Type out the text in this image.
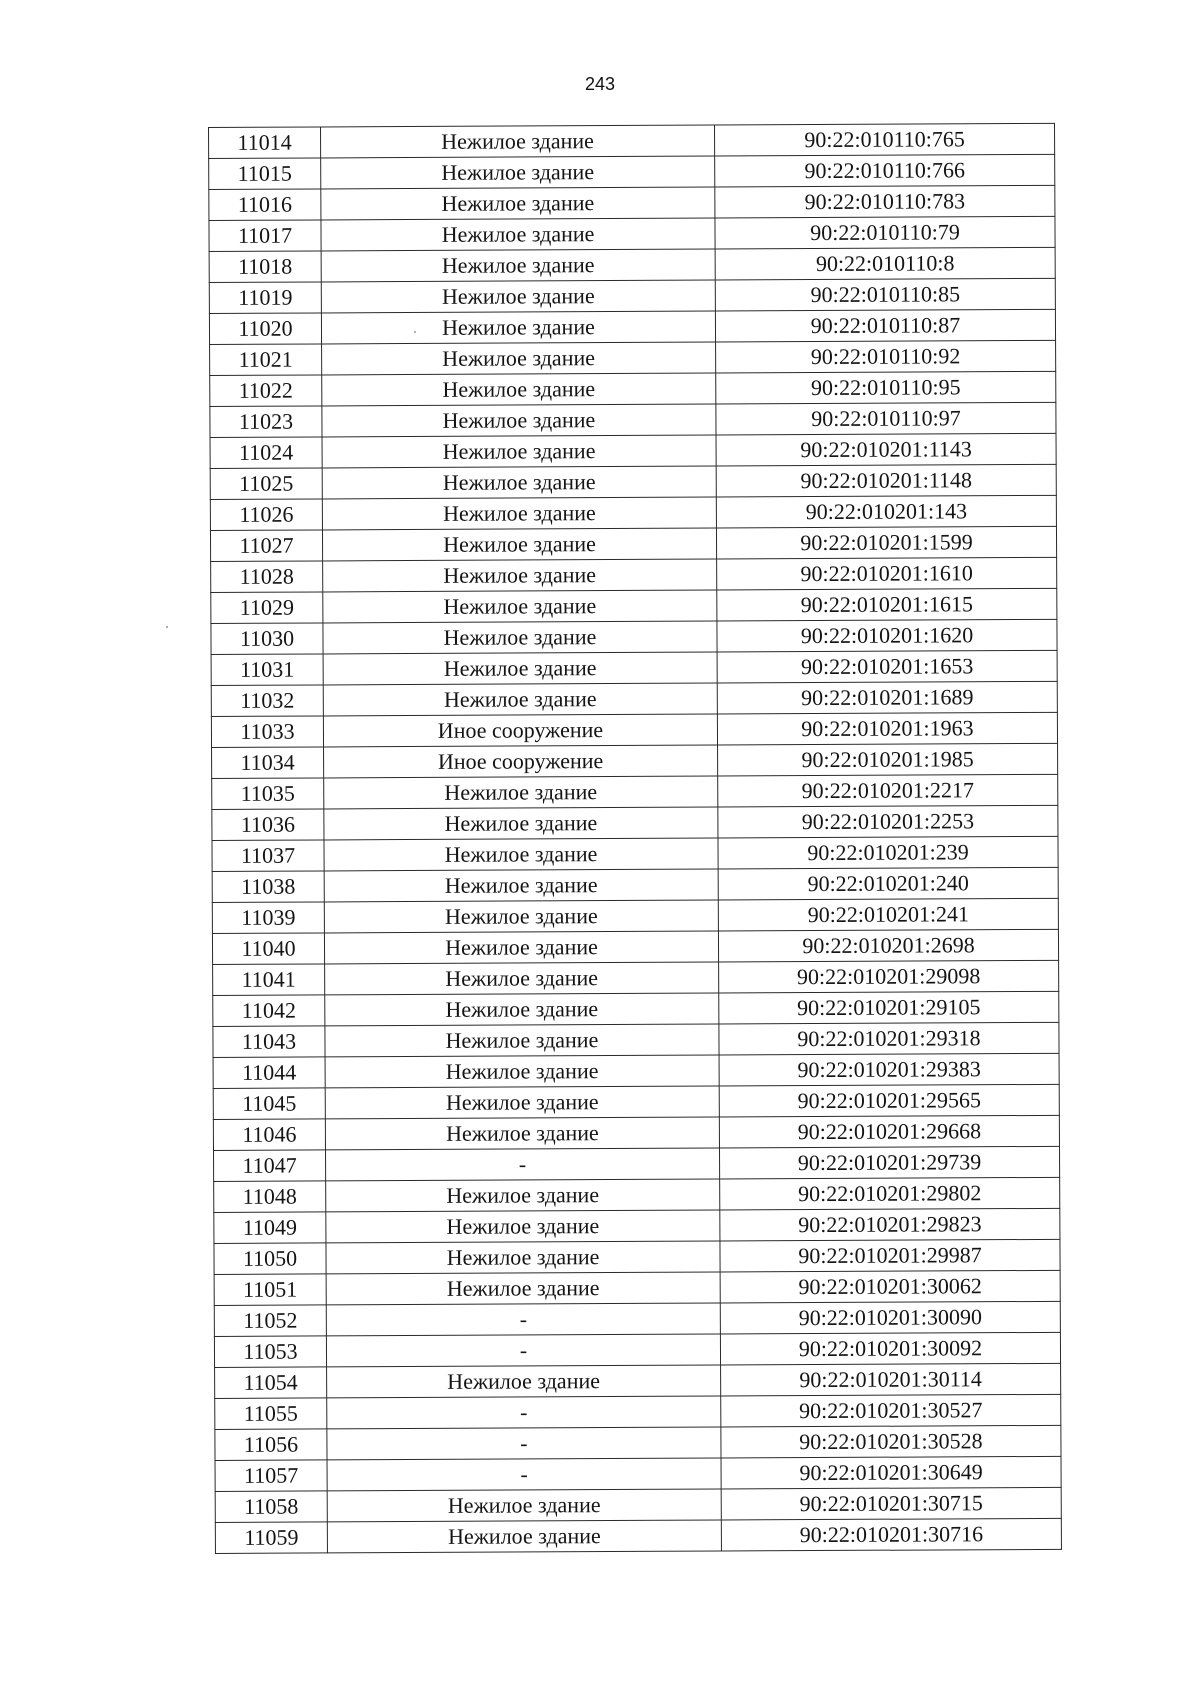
243
11014	Нежилое здание	90:22:010110:765
11015	Нежилое здание	90:22:010110:766
11016	Нежилое здание	90:22:010110:783
11017	Нежилое здание	90:22:010110:79
11018	Нежилое здание	90:22:010110:8
11019	Нежилое здание	90:22:010110:85
11020	Нежилое здание	90:22:010110:87
11021	Нежилое здание	90:22:010110:92
11022	Нежилое здание	90:22:010110:95
11023	Нежилое здание	90:22:010110:97
11024	Нежилое здание	90:22:010201:1143
11025	Нежилое здание	90:22:010201:1148
11026	Нежилое здание	90:22:010201:143
11027	Нежилое здание	90:22:010201:1599
11028	Нежилое здание	90:22:010201:1610
11029	Нежилое здание	90:22:010201:1615
11030	Нежилое здание	90:22:010201:1620
11031	Нежилое здание	90:22:010201:1653
11032	Нежилое здание	90:22:010201:1689
11033	Иное сооружение	90:22:010201:1963
11034	Иное сооружение	90:22:010201:1985
11035	Нежилое здание	90:22:010201:2217
11036	Нежилое здание	90:22:010201:2253
11037	Нежилое здание	90:22:010201:239
11038	Нежилое здание	90:22:010201:240
11039	Нежилое здание	90:22:010201:241
11040	Нежилое здание	90:22:010201:2698
11041	Нежилое здание	90:22:010201:29098
11042	Нежилое здание	90:22:010201:29105
11043	Нежилое здание	90:22:010201:29318
11044	Нежилое здание	90:22:010201:29383
11045	Нежилое здание	90:22:010201:29565
11046	Нежилое здание	90:22:010201:29668
11047	-	90:22:010201:29739
11048	Нежилое здание	90:22:010201:29802
11049	Нежилое здание	90:22:010201:29823
11050	Нежилое здание	90:22:010201:29987
11051	Нежилое здание	90:22:010201:30062
11052	-	90:22:010201:30090
11053	-	90:22:010201:30092
11054	Нежилое здание	90:22:010201:30114
11055	-	90:22:010201:30527
11056	-	90:22:010201:30528
11057	-	90:22:010201:30649
11058	Нежилое здание	90:22:010201:30715
11059	Нежилое здание	90:22:010201:30716
